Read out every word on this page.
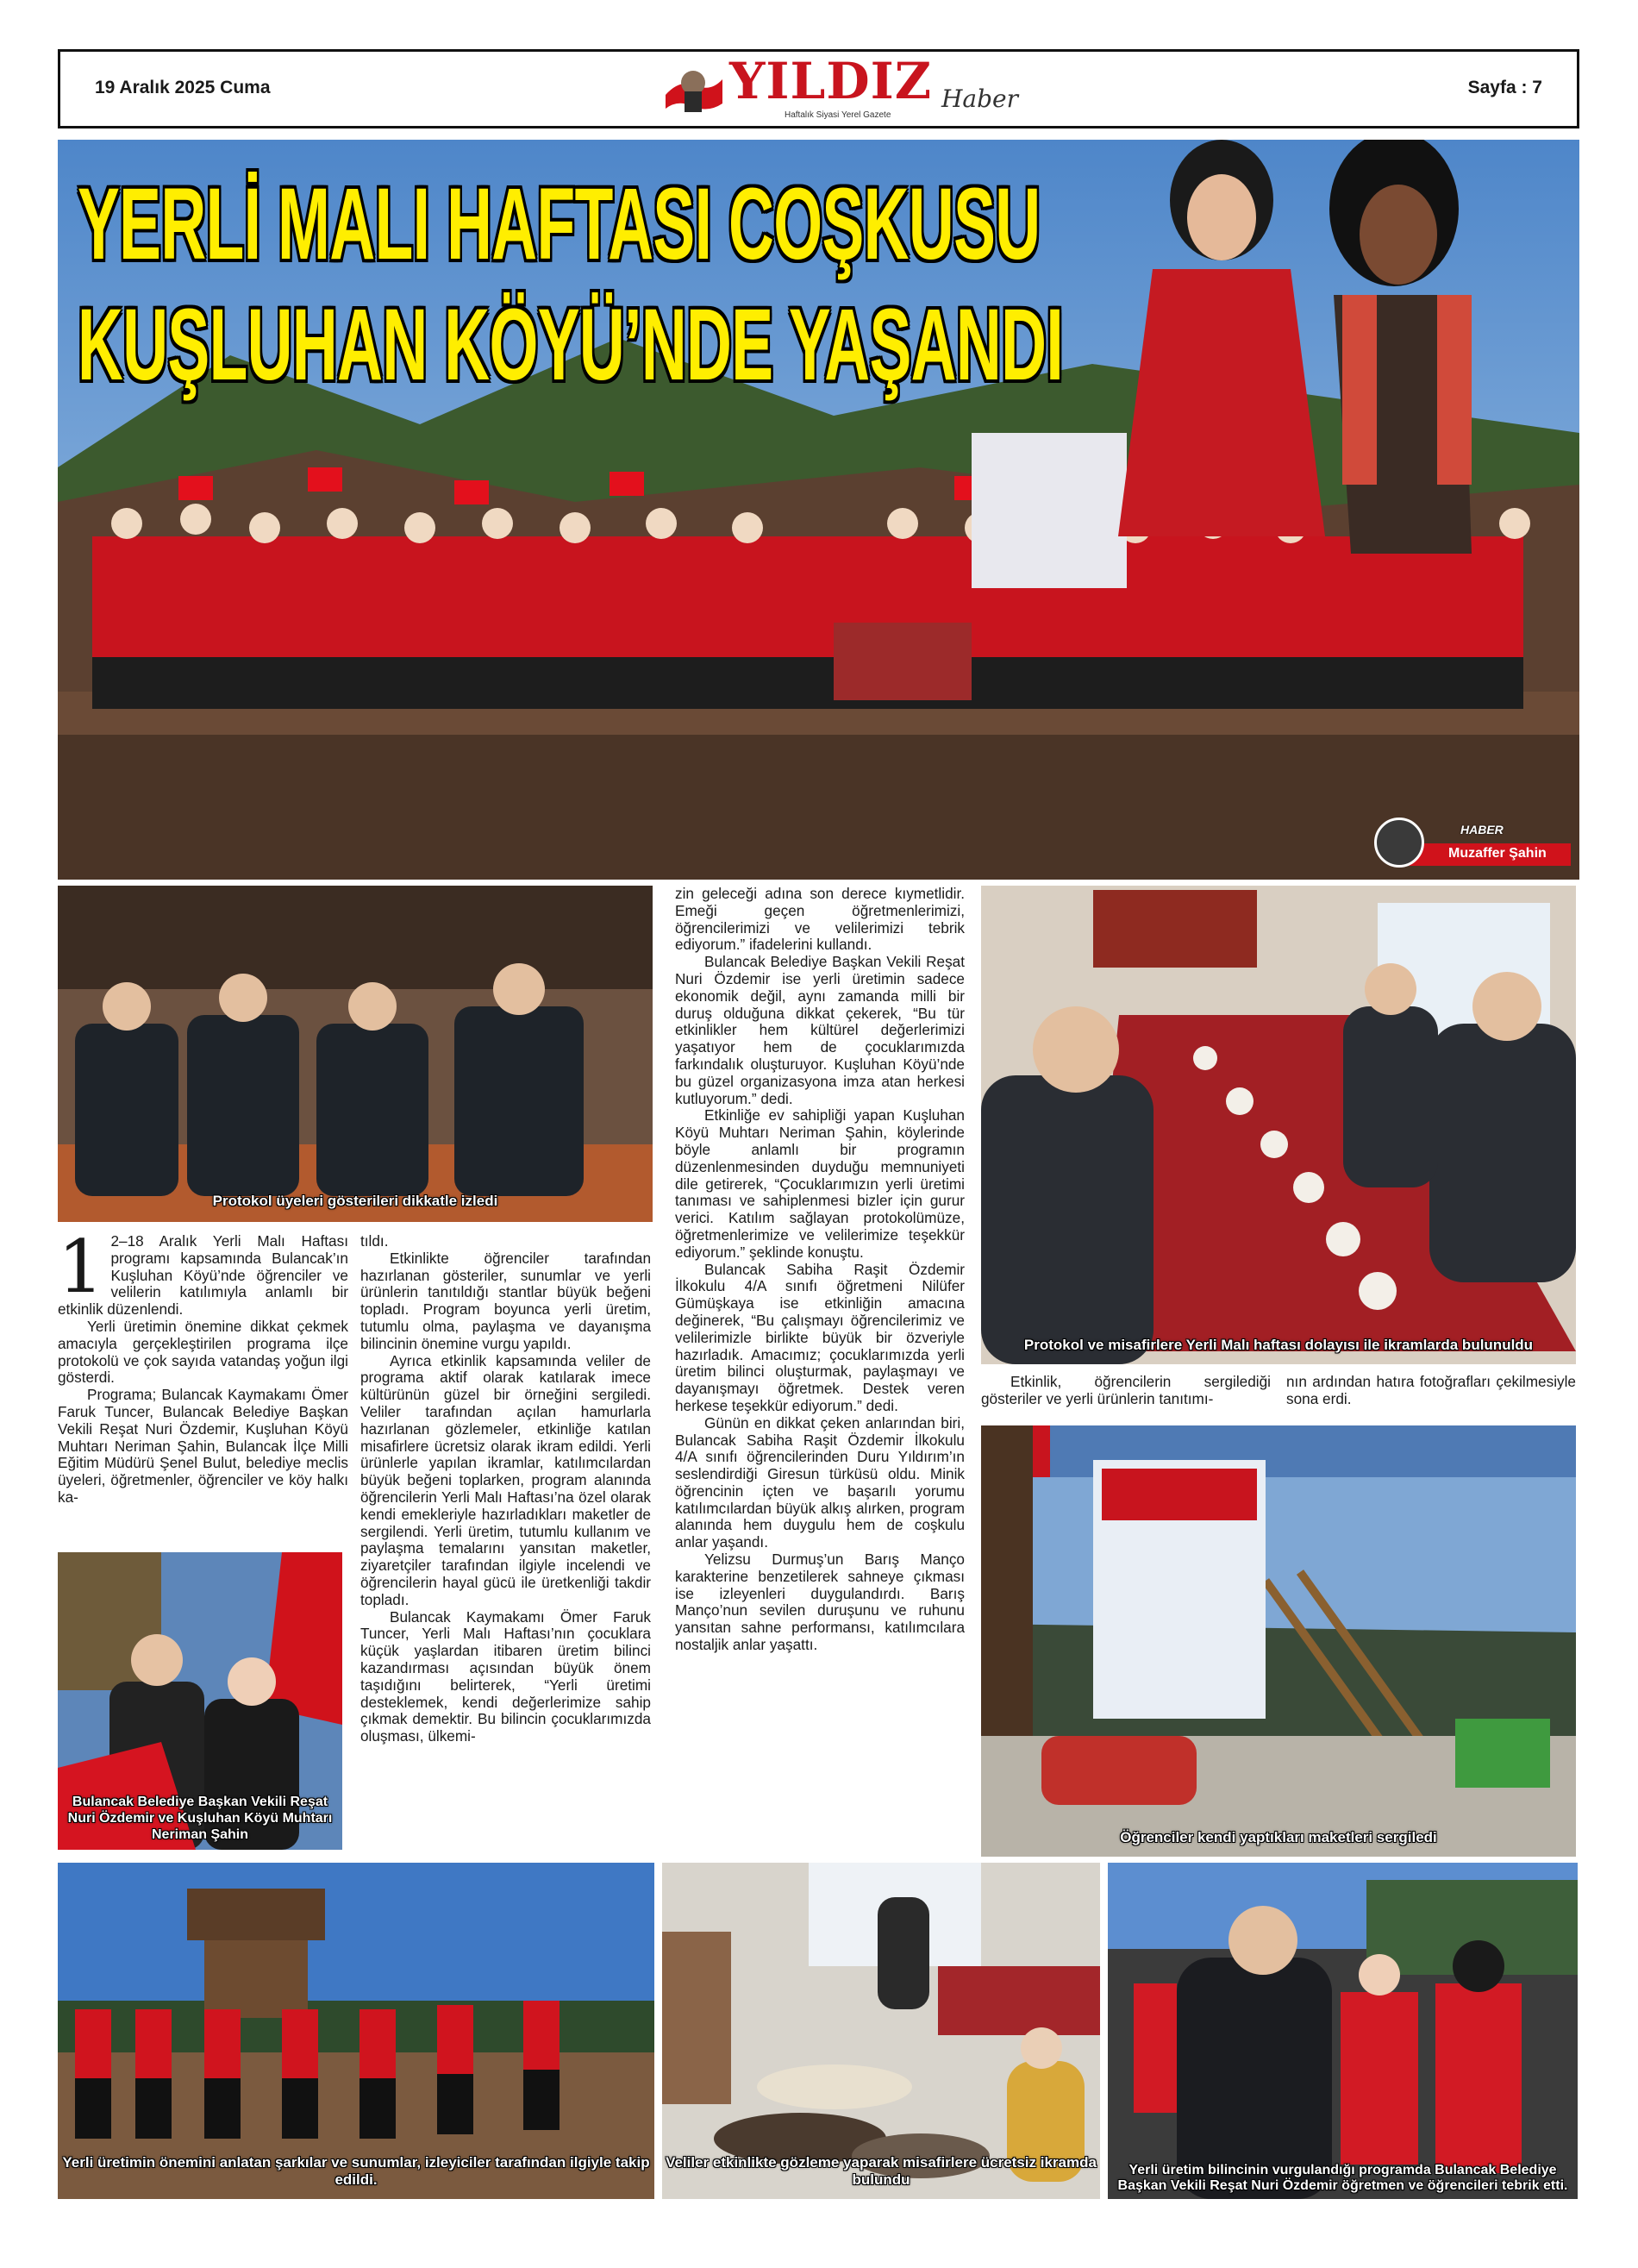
19 Aralık 2025 Cuma	YILDIZ
Haftalık Siyasi Yerel Gazete
Haber	Sayfa : 7
YERLİ MALI HAFTASI COŞKUSU
KUŞLUHAN KÖYÜ’NDE YAŞANDI
HABER
Muzaffer Şahin
Protokol üyeleri gösterileri dikkatle izledi
Protokol ve misafirlere Yerli Malı haftası dolayısı ile ikramlarda bulunuldu
1 2–18 Aralık Yerli Malı Haftası programı kapsamında Bulancak’ın Kuşluhan Köyü’nde öğrenciler ve velilerin katılımıyla anlamlı bir etkinlik düzenlendi.

Yerli üretimin önemine dikkat çekmek amacıyla gerçekleştirilen programa ilçe protokolü ve çok sayıda vatandaş yoğun ilgi gösterdi.

Programa; Bulancak Kaymakamı Ömer Faruk Tuncer, Bulancak Belediye Başkan Vekili Reşat Nuri Özdemir, Kuşluhan Köyü Muhtarı Neriman Şahin, Bulancak İlçe Milli Eğitim Müdürü Şenel Bulut, belediye meclis üyeleri, öğretmenler, öğrenciler ve köy halkı ka-

Bulancak Belediye Başkan Vekili Reşat Nuri Özdemir ve Kuşluhan Köyü Muhtarı Neriman Şahin

tıldı.

Etkinlikte öğrenciler tarafından hazırlanan gösteriler, sunumlar ve yerli ürünlerin tanıtıldığı stantlar büyük beğeni topladı. Program boyunca yerli üretim, tutumlu olma, paylaşma ve dayanışma bilincinin önemine vurgu yapıldı.

Ayrıca etkinlik kapsamında veliler de programa aktif olarak katılarak imece kültürünün güzel bir örneğini sergiledi. Veliler tarafından açılan hamurlarla hazırlanan gözlemeler, etkinliğe katılan misafirlere ücretsiz olarak ikram edildi. Yerli ürünlerle yapılan ikramlar, katılımcılardan büyük beğeni toplarken, program alanında öğrencilerin Yerli Malı Haftası’na özel olarak kendi emekleriyle hazırladıkları maketler de sergilendi. Yerli üretim, tutumlu kullanım ve paylaşma temalarını yansıtan maketler, ziyaretçiler tarafından ilgiyle incelendi ve öğrencilerin hayal gücü ile üretkenliği takdir topladı.

Bulancak Kaymakamı Ömer Faruk Tuncer, Yerli Malı Haftası’nın çocuklara küçük yaşlardan itibaren üretim bilinci kazandırması açısından büyük önem taşıdığını belirterek, “Yerli üretimi desteklemek, kendi değerlerimize sahip çıkmak demektir. Bu bilincin çocuklarımızda oluşması, ülkemi-

zin geleceği adına son derece kıymetlidir. Emeği geçen öğretmenlerimizi, öğrencilerimizi ve velilerimizi tebrik ediyorum.” ifadelerini kullandı.

Bulancak Belediye Başkan Vekili Reşat Nuri Özdemir ise yerli üretimin sadece ekonomik değil, aynı zamanda milli bir duruş olduğuna dikkat çekerek, “Bu tür etkinlikler hem kültürel değerlerimizi yaşatıyor hem de çocuklarımızda farkındalık oluşturuyor. Kuşluhan Köyü’nde bu güzel organizasyona imza atan herkesi kutluyorum.” dedi.

Etkinliğe ev sahipliği yapan Kuşluhan Köyü Muhtarı Neriman Şahin, köylerinde böyle anlamlı bir programın düzenlenmesinden duyduğu memnuniyeti dile getirerek, “Çocuklarımızın yerli üretimi tanıması ve sahiplenmesi bizler için gurur verici. Katılım sağlayan protokolümüze, öğretmenlerimize ve velilerimize teşekkür ediyorum.” şeklinde konuştu.

Bulancak Sabiha Raşit Özdemir İlkokulu 4/A sınıfı öğretmeni Nilüfer Gümüşkaya ise etkinliğin amacına değinerek, “Bu çalışmayı öğrencilerimiz ve velilerimizle birlikte büyük bir özveriyle hazırladık. Amacımız; çocuklarımızda yerli üretim bilinci oluşturmak, paylaşmayı ve dayanışmayı öğretmek. Destek veren herkese teşekkür ediyorum.” dedi.

Günün en dikkat çeken anlarından biri, Bulancak Sabiha Raşit Özdemir İlkokulu 4/A sınıfı öğrencilerinden Duru Yıldırım’ın seslendirdiği Giresun türküsü oldu. Minik öğrencinin içten ve başarılı yorumu katılımcılardan büyük alkış alırken, program alanında hem duygulu hem de coşkulu anlar yaşandı.

Yelizsu Durmuş’un Barış Manço karakterine benzetilerek sahneye çıkması ise izleyenleri duygulandırdı. Barış Manço’nun sevilen duruşunu ve ruhunu yansıtan sahne performansı, katılımcılara nostaljik anlar yaşattı.

Etkinlik, öğrencilerin sergilediği gösteriler ve yerli ürünlerin tanıtımı-

nın ardından hatıra fotoğrafları çekilmesiyle sona erdi.

Öğrenciler kendi yaptıkları maketleri sergiledi
Yerli üretimin önemini anlatan şarkılar ve sunumlar, izleyiciler tarafından ilgiyle takip edildi.
Veliler etkinlikte gözleme yaparak misafirlere ücretsiz ikramda bulundu
Yerli üretim bilincinin vurgulandığı programda Bulancak Belediye Başkan Vekili Reşat Nuri Özdemir öğretmen ve öğrencileri tebrik etti.
